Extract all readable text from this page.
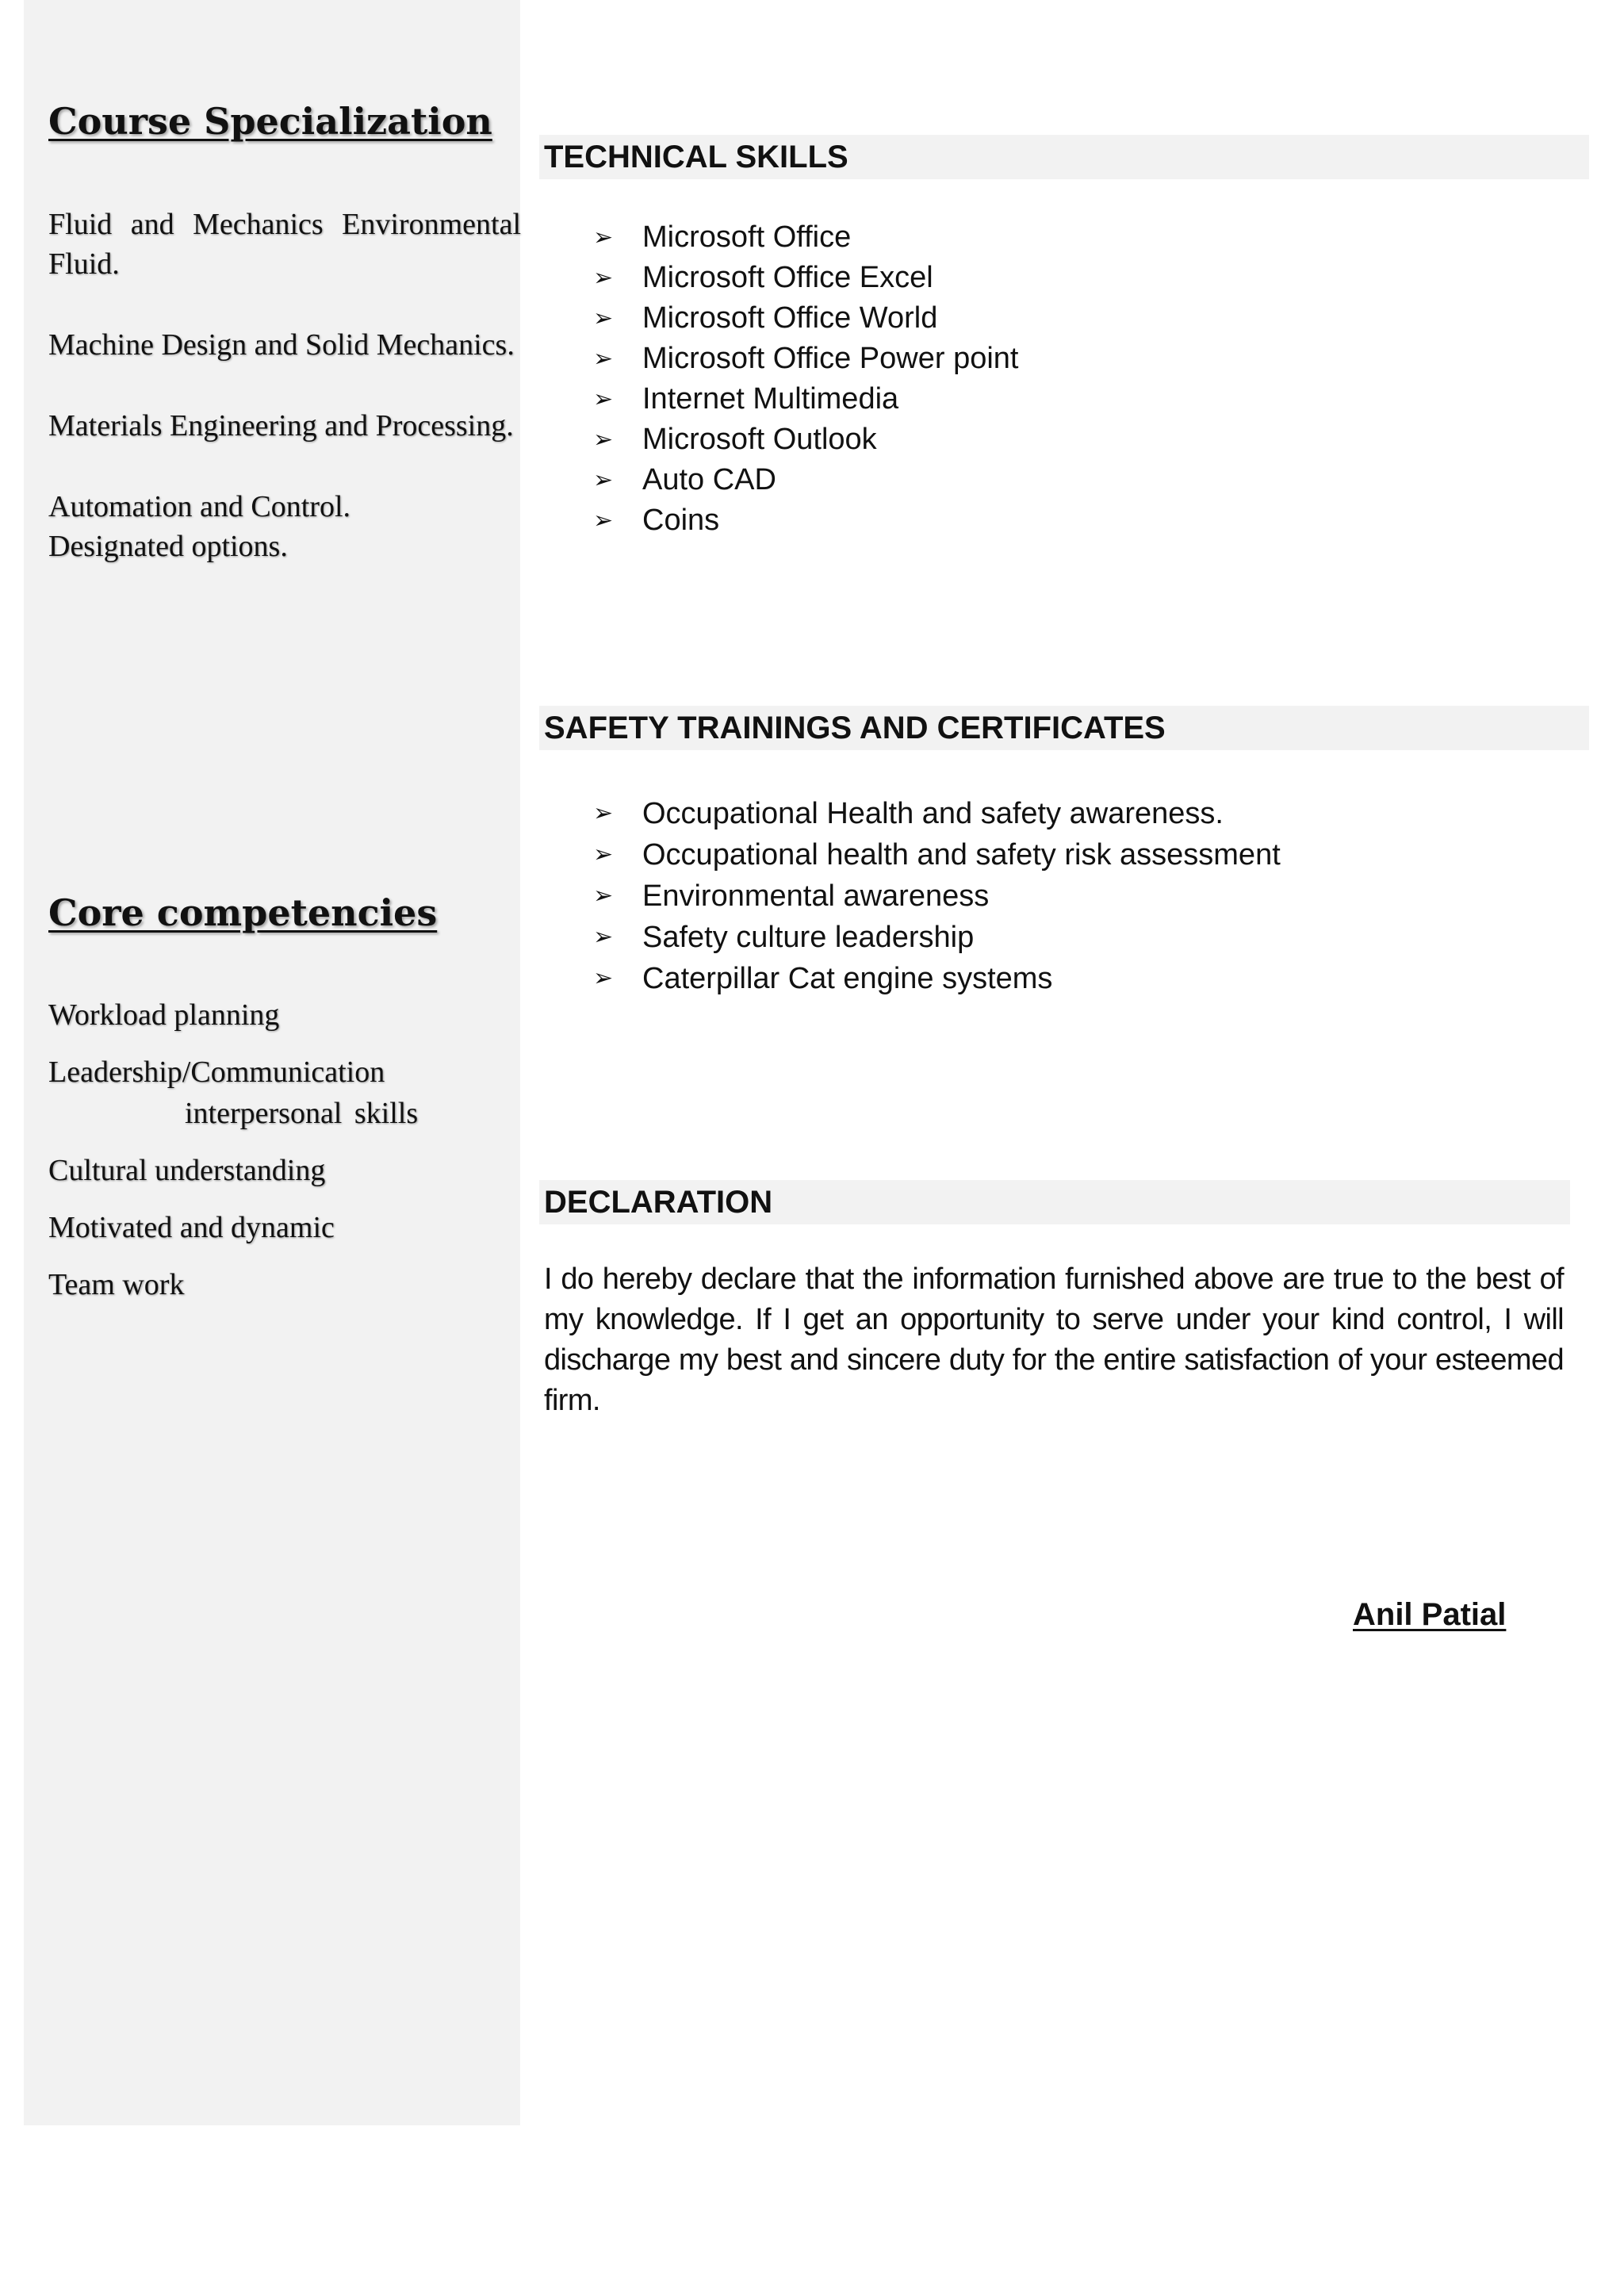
Course Specialization
Fluid and Mechanics Environmental Fluid.
Machine Design and Solid Mechanics.
Materials Engineering and Processing.
Automation and Control.
Designated options.
Core competencies
Workload planning
Leadership/Communication
interpersonal skills
Cultural understanding
Motivated and dynamic
Team work
TECHNICAL SKILLS
➢ Microsoft Office
➢ Microsoft Office Excel
➢ Microsoft Office World
➢ Microsoft Office Power point
➢ Internet Multimedia
➢ Microsoft Outlook
➢ Auto CAD
➢ Coins
SAFETY TRAININGS AND CERTIFICATES
➢ Occupational Health and safety awareness.
➢ Occupational health and safety risk assessment
➢ Environmental awareness
➢ Safety culture leadership
➢ Caterpillar Cat engine systems
DECLARATION

I do hereby declare that the information furnished above are true to the best of my knowledge. If I get an opportunity to serve under your kind control, I will discharge my best and sincere duty for the entire satisfaction of your esteemed firm.

Anil Patial
